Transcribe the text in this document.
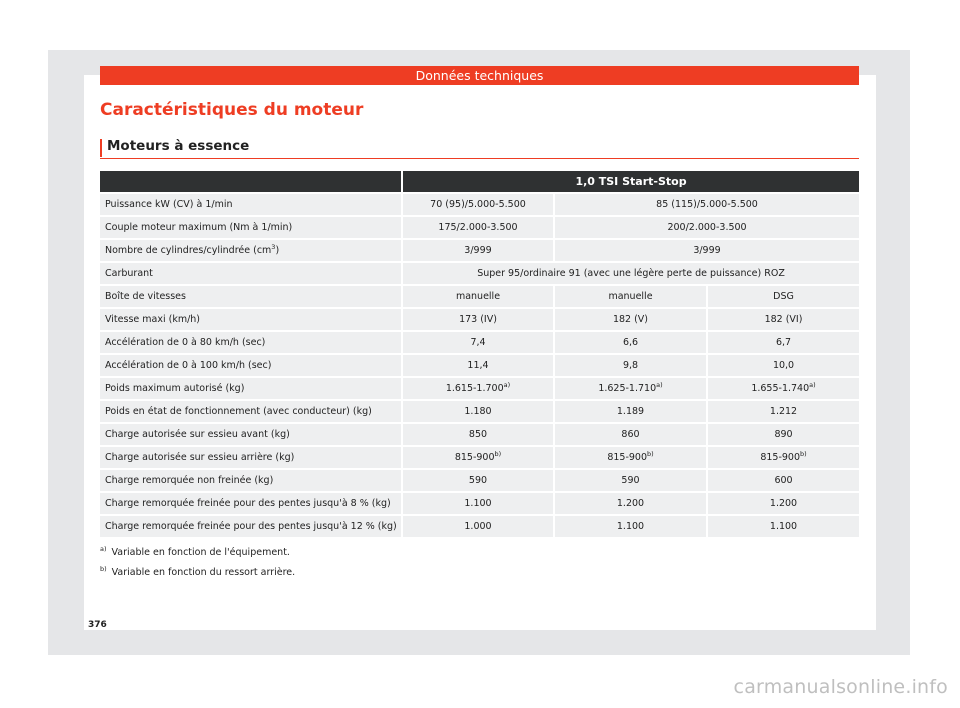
Données techniques
Caractéristiques du moteur
Moteurs à essence
	1,0 TSI Start-Stop		
Puissance kW (CV) à 1/min	70 (95)/5.000-5.500	85 (115)/5.000-5.500	
Couple moteur maximum (Nm à 1/min)	175/2.000-3.500	200/2.000-3.500	
Nombre de cylindres/cylindrée $(cm^3)$	3/999	3/999	
Carburant	Super 95/ordinaire 91 (avec une légère perte de puissance) ROZ		
Boîte de vitesses	manuelle	manuelle	DSG
Vitesse maxi (km/h)	173 (IV)	182 (V)	182 (VI)
Accélération de 0 à 80 km/h (sec)	7,4	6,6	6,7
Accélération de 0 à 100 km/h (sec)	11,4	9,8	10,0
Poids maximum autorisé (kg)	1.615-1.700$^{a)}$	1.625-1.710$^{a)}$	1.655-1.740$^{a)}$
Poids en état de fonctionnement (avec conducteur) (kg)	1.180	1.189	1.212
Charge autorisée sur essieu avant (kg)	850	860	890
Charge autorisée sur essieu arrière (kg)	815-900$^{b)}$	815-900$^{b)}$	815-900$^{b)}$
Charge remorquée non freinée (kg)	590	590	600
Charge remorquée freinée pour des pentes jusqu'à 8 % (kg)	1.100	1.200	1.200
Charge remorquée freinée pour des pentes jusqu'à 12 % (kg)	1.000	1.100	1.100
$^{a)}$ Variable en fonction de l'équipement.
$^{b)}$ Variable en fonction du ressort arrière.
376
carmanualsonline.info
